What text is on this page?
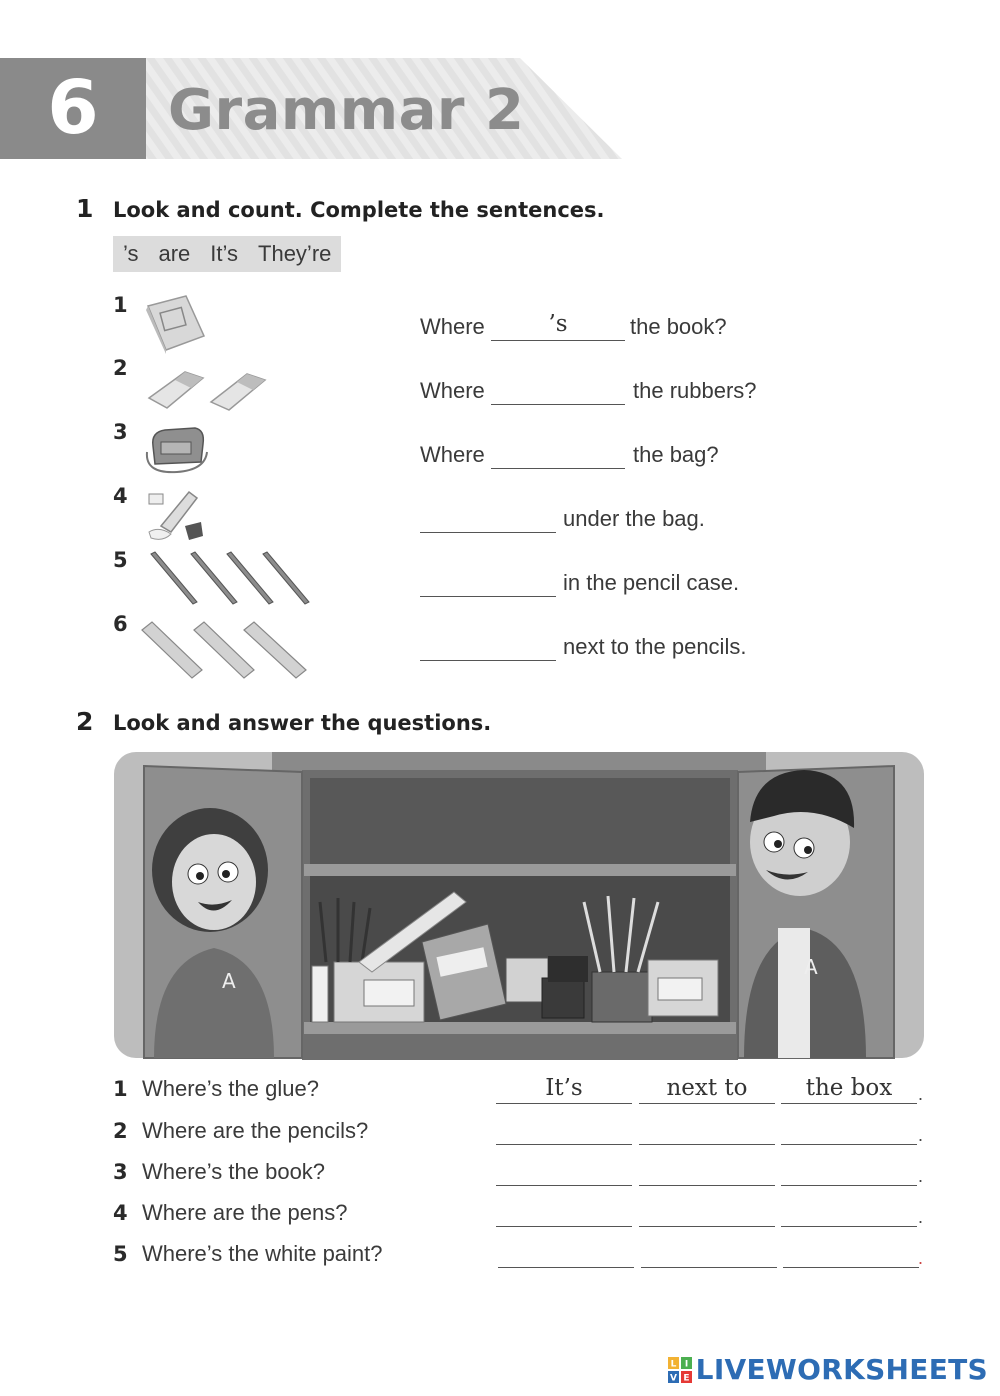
6	Grammar 2
1 Look and count. Complete the sentences.
’s are It’s They’re
1
2
3
4
5
6
Where	’s	the book?
Where	the rubbers?
Where	the bag?
under the bag.
in the pencil case.
next to the pencils.
2 Look and answer the questions.
A
A
1 Where’s the glue?	It’s	next to	the box	.
2 Where are the pencils?	.
3 Where’s the book?	.
4 Where are the pens?	.
5 Where’s the white paint?	.
L I
V E LIVEWORKSHEETS
